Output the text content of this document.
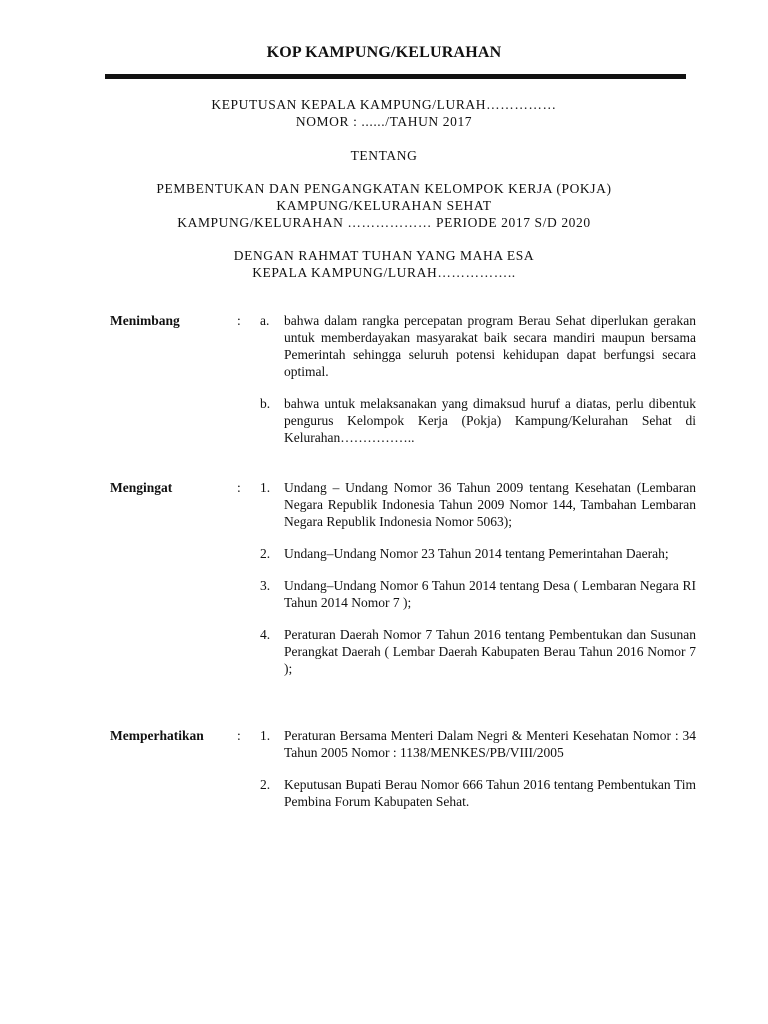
KOP KAMPUNG/KELURAHAN
KEPUTUSAN KEPALA KAMPUNG/LURAH……………
NOMOR : ....../TAHUN 2017
TENTANG
PEMBENTUKAN DAN PENGANGKATAN KELOMPOK KERJA (POKJA)
KAMPUNG/KELURAHAN SEHAT
KAMPUNG/KELURAHAN ……………… PERIODE 2017 S/D 2020
DENGAN RAHMAT TUHAN YANG MAHA ESA
KEPALA KAMPUNG/LURAH……………..
Menimbang	: a. bahwa dalam rangka percepatan program Berau Sehat diperlukan gerakan untuk memberdayakan masyarakat baik secara mandiri maupun bersama Pemerintah sehingga seluruh potensi kehidupan dapat berfungsi secara optimal.
b. bahwa untuk melaksanakan yang dimaksud huruf a diatas, perlu dibentuk pengurus Kelompok Kerja (Pokja) Kampung/Kelurahan Sehat di Kelurahan……………..
Mengingat	: 1. Undang – Undang Nomor 36 Tahun 2009 tentang Kesehatan (Lembaran Negara Republik Indonesia Tahun 2009 Nomor 144, Tambahan Lembaran Negara Republik Indonesia Nomor 5063);
2. Undang–Undang Nomor 23 Tahun 2014 tentang Pemerintahan Daerah;
3. Undang–Undang Nomor 6 Tahun 2014 tentang Desa ( Lembaran Negara RI Tahun 2014 Nomor 7 );
4. Peraturan Daerah Nomor 7 Tahun 2016 tentang Pembentukan dan Susunan Perangkat Daerah ( Lembar Daerah Kabupaten Berau Tahun 2016 Nomor 7 );
Memperhatikan : 1. Peraturan Bersama Menteri Dalam Negri & Menteri Kesehatan Nomor : 34 Tahun 2005 Nomor : 1138/MENKES/PB/VIII/2005
2. Keputusan Bupati Berau Nomor 666 Tahun 2016 tentang Pembentukan Tim Pembina Forum Kabupaten Sehat.
